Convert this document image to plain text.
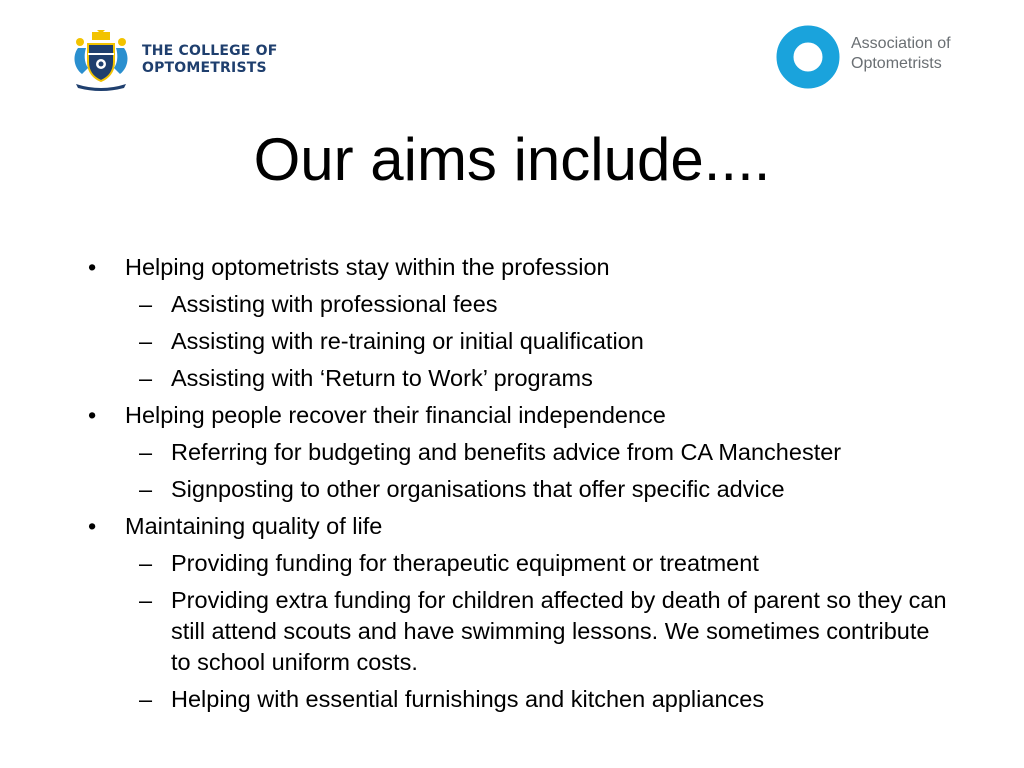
THE COLLEGE OF
OPTOMETRISTS
Association of
Optometrists
Our aims include....
• Helping optometrists stay within the profession
– Assisting with professional fees
– Assisting with re-training or initial qualification
– Assisting with ‘Return to Work’ programs
• Helping people recover their financial independence
– Referring for budgeting and benefits advice from CA Manchester
– Signposting to other organisations that offer specific advice
• Maintaining quality of life
– Providing funding for therapeutic equipment or treatment
– Providing extra funding for children affected by death of parent so they can still attend scouts and have swimming lessons. We sometimes contribute to school uniform costs.
– Helping with essential furnishings and kitchen appliances
